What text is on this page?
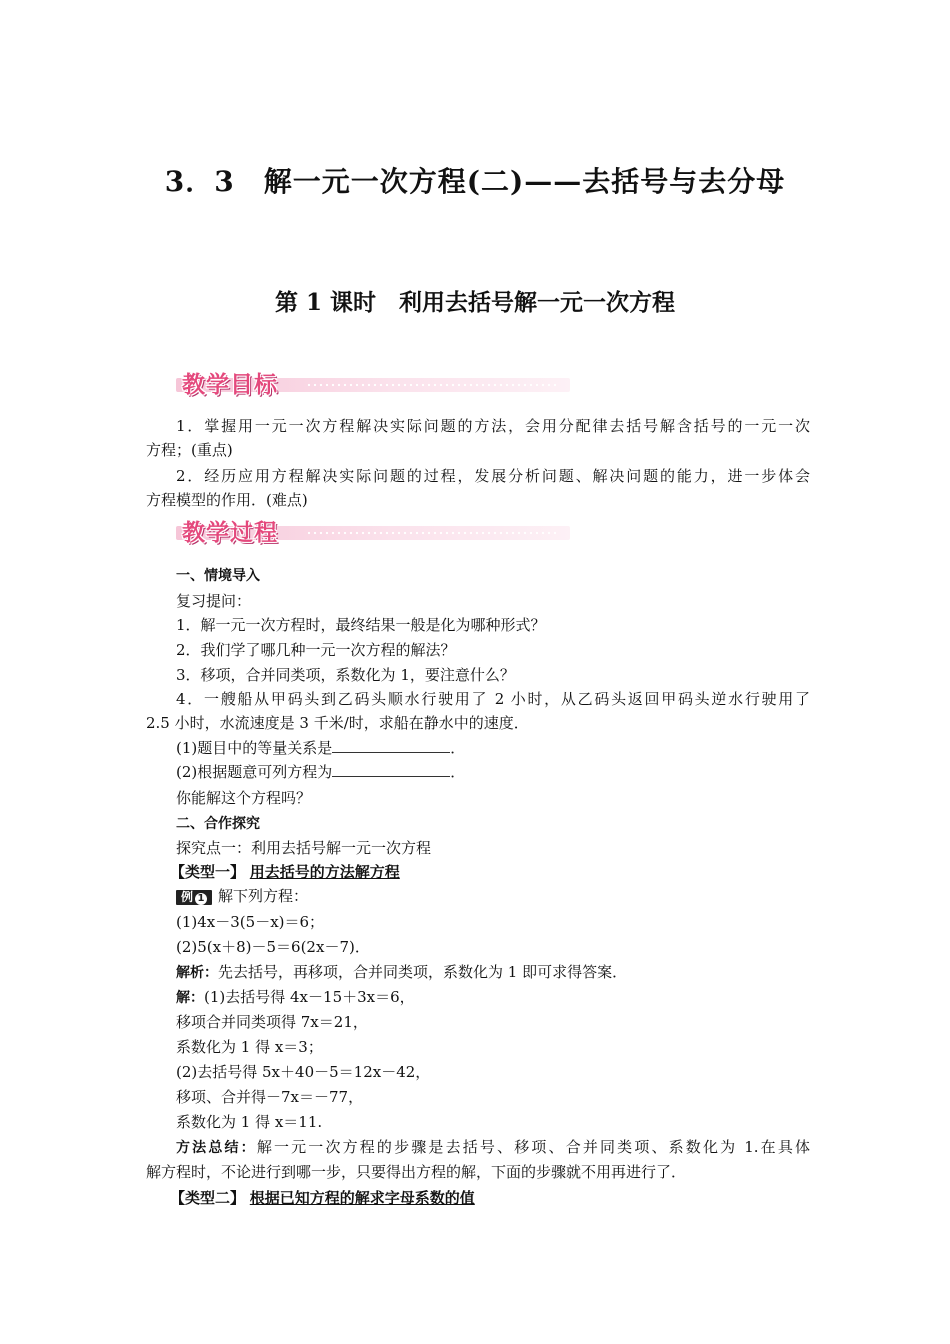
3．3　解一元一次方程(二)——去括号与去分母
第 1 课时　利用去括号解一元一次方程
教学目标
1．掌握用一元一次方程解决实际问题的方法，会用分配律去括号解含括号的一元一次
方程；(重点)
2．经历应用方程解决实际问题的过程，发展分析问题、解决问题的能力，进一步体会
方程模型的作用．(难点)
教学过程
一、情境导入
复习提问：
1．解一元一次方程时，最终结果一般是化为哪种形式？
2．我们学了哪几种一元一次方程的解法？
3．移项，合并同类项，系数化为 1，要注意什么？
4．一艘船从甲码头到乙码头顺水行驶用了 2 小时，从乙码头返回甲码头逆水行驶用了
2.5 小时，水流速度是 3 千米/时，求船在静水中的速度．
(1)题目中的等量关系是	．
(2)根据题意可列方程为	．
你能解这个方程吗？
二、合作探究
探究点一：利用去括号解一元一次方程
【类型一】 用去括号的方法解方程
例 1 解下列方程：
(1)4x－3(5－x)＝6；
(2)5(x＋8)－5＝6(2x－7)．
解析：先去括号，再移项，合并同类项，系数化为 1 即可求得答案．
解：(1)去括号得 4x－15＋3x＝6，
移项合并同类项得 7x＝21，
系数化为 1 得 x＝3；
(2)去括号得 5x＋40－5＝12x－42，
移项、合并得－7x＝－77，
系数化为 1 得 x＝11.
方法总结：解一元一次方程的步骤是去括号、移项、合并同类项、系数化为 1.在具体
解方程时，不论进行到哪一步，只要得出方程的解，下面的步骤就不用再进行了．
【类型二】 根据已知方程的解求字母系数的值
